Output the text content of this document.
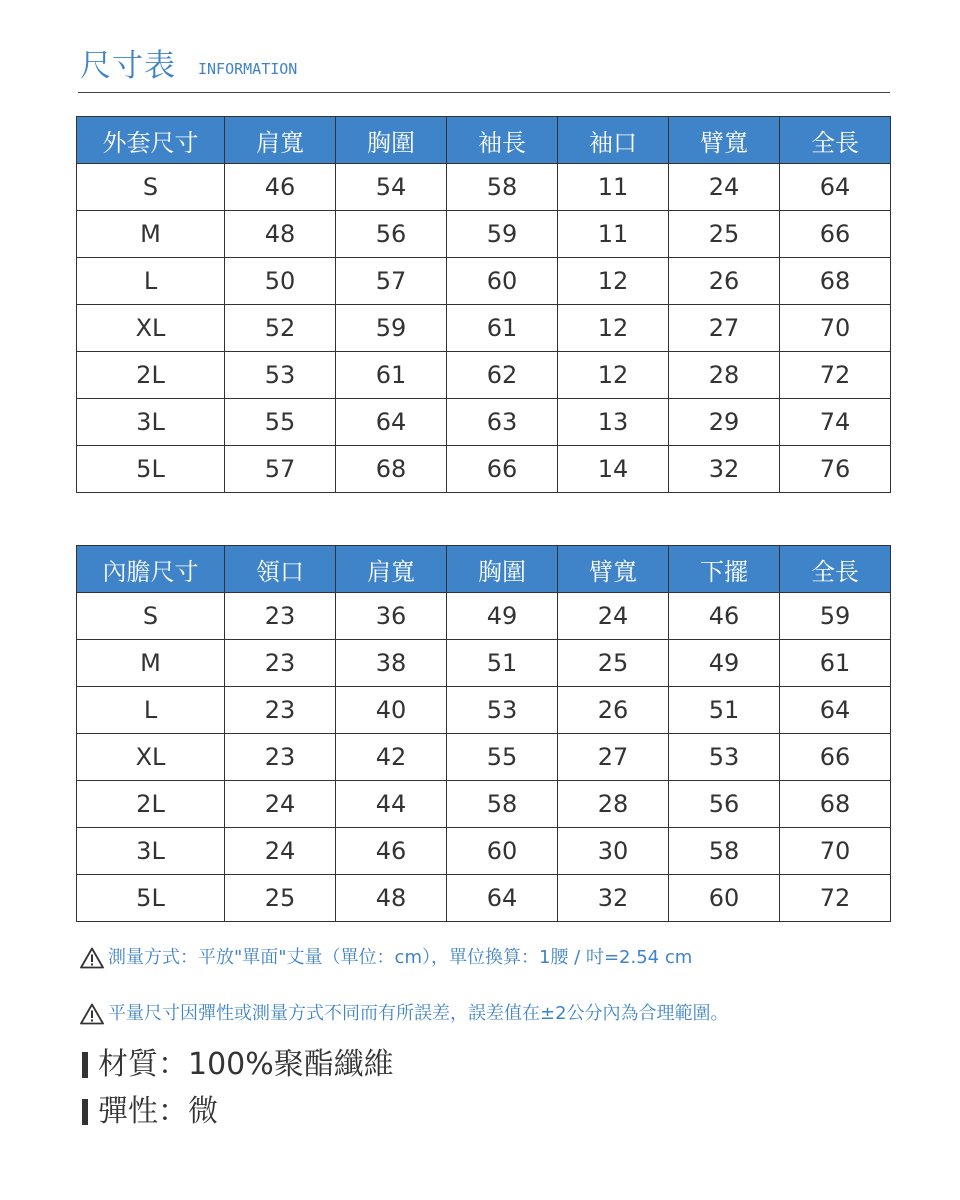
尺寸表 INFORMATION
外套尺寸	肩寬	胸圍	袖長	袖口	臂寬	全長
S	46	54	58	11	24	64
M	48	56	59	11	25	66
L	50	57	60	12	26	68
XL	52	59	61	12	27	70
2L	53	61	62	12	28	72
3L	55	64	63	13	29	74
5L	57	68	66	14	32	76
內膽尺寸	領口	肩寬	胸圍	臂寬	下擺	全長
S	23	36	49	24	46	59
M	23	38	51	25	49	61
L	23	40	53	26	51	64
XL	23	42	55	27	53	66
2L	24	44	58	28	56	68
3L	24	46	60	30	58	70
5L	25	48	64	32	60	72
測量方式：平放"單面"丈量（單位：cm），單位換算：1腰 / 吋=2.54 cm
平量尺寸因彈性或測量方式不同而有所誤差，誤差值在±2公分內為合理範圍。
材質：100%聚酯纖維
彈性：微
